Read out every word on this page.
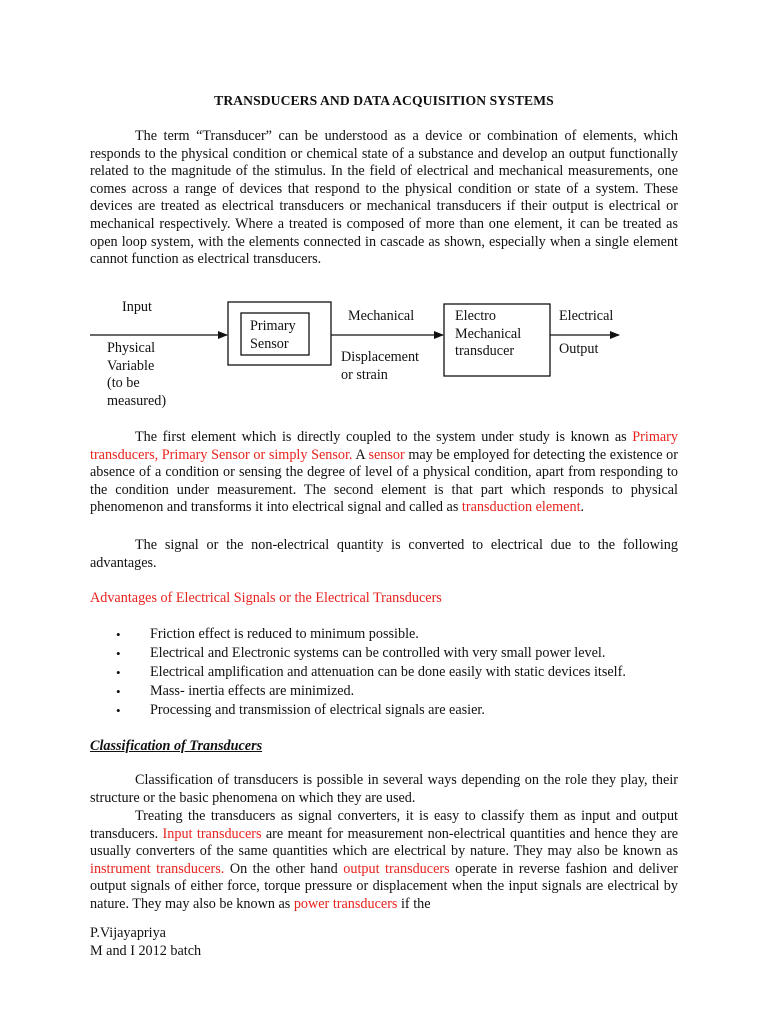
TRANSDUCERS AND DATA ACQUISITION SYSTEMS

The term “Transducer” can be understood as a device or combination of elements, which responds to the physical condition or chemical state of a substance and develop an output functionally related to the magnitude of the stimulus. In the field of electrical and mechanical measurements, one comes across a range of devices that respond to the physical condition or state of a system. These devices are treated as electrical transducers or mechanical transducers if their output is electrical or mechanical respectively. Where a treated is composed of more than one element, it can be treated as open loop system, with the elements connected in cascade as shown, especially when a single element cannot function as electrical transducers.

Input
Physical
Variable
(to be
measured)
Primary
Sensor
Mechanical
Displacement
or strain
Electro
Mechanical
transducer
Electrical
Output

The first element which is directly coupled to the system under study is known as Primary transducers, Primary Sensor or simply Sensor. A sensor may be employed for detecting the existence or absence of a condition or sensing the degree of level of a physical condition, apart from responding to the condition under measurement. The second element is that part which responds to physical phenomenon and transforms it into electrical signal and called as transduction element.

The signal or the non-electrical quantity is converted to electrical due to the following advantages.

Advantages of Electrical Signals or the Electrical Transducers
• Friction effect is reduced to minimum possible.
• Electrical and Electronic systems can be controlled with very small power level.
• Electrical amplification and attenuation can be done easily with static devices itself.
• Mass- inertia effects are minimized.
• Processing and transmission of electrical signals are easier.
Classification of Transducers

Classification of transducers is possible in several ways depending on the role they play, their structure or the basic phenomena on which they are used.

Treating the transducers as signal converters, it is easy to classify them as input and output transducers. Input transducers are meant for measurement non-electrical quantities and hence they are usually converters of the same quantities which are electrical by nature. They may also be known as instrument transducers. On the other hand output transducers operate in reverse fashion and deliver output signals of either force, torque pressure or displacement when the input signals are electrical by nature. They may also be known as power transducers if the

P.Vijayapriya
M and I 2012 batch
